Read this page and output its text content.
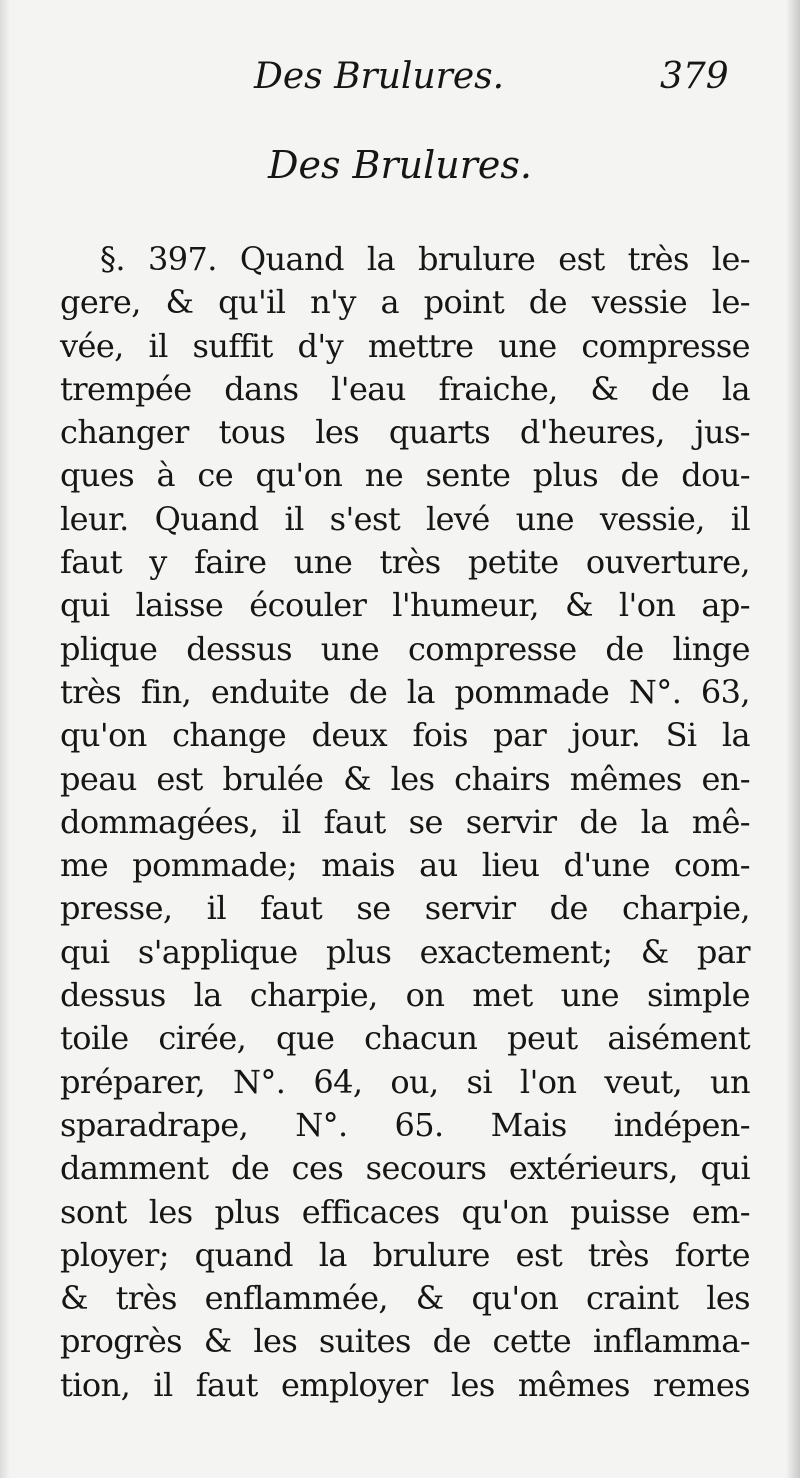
Des Brulures.	379
Des Brulures.
§. 397. Quand la brulure est très le-
gere, & qu'il n'y a point de vessie le-
vée, il suffit d'y mettre une compresse
trempée dans l'eau fraiche, & de la
changer tous les quarts d'heures, jus-
ques à ce qu'on ne sente plus de dou-
leur. Quand il s'est levé une vessie, il
faut y faire une très petite ouverture,
qui laisse écouler l'humeur, & l'on ap-
plique dessus une compresse de linge
très fin, enduite de la pommade N°. 63,
qu'on change deux fois par jour. Si la
peau est brulée & les chairs mêmes en-
dommagées, il faut se servir de la mê-
me pommade; mais au lieu d'une com-
presse, il faut se servir de charpie,
qui s'applique plus exactement; & par
dessus la charpie, on met une simple
toile cirée, que chacun peut aisément
préparer, N°. 64, ou, si l'on veut, un
sparadrape, N°. 65. Mais indépen-
damment de ces secours extérieurs, qui
sont les plus efficaces qu'on puisse em-
ployer; quand la brulure est très forte
& très enflammée, & qu'on craint les
progrès & les suites de cette inflamma-
tion, il faut employer les mêmes remes
